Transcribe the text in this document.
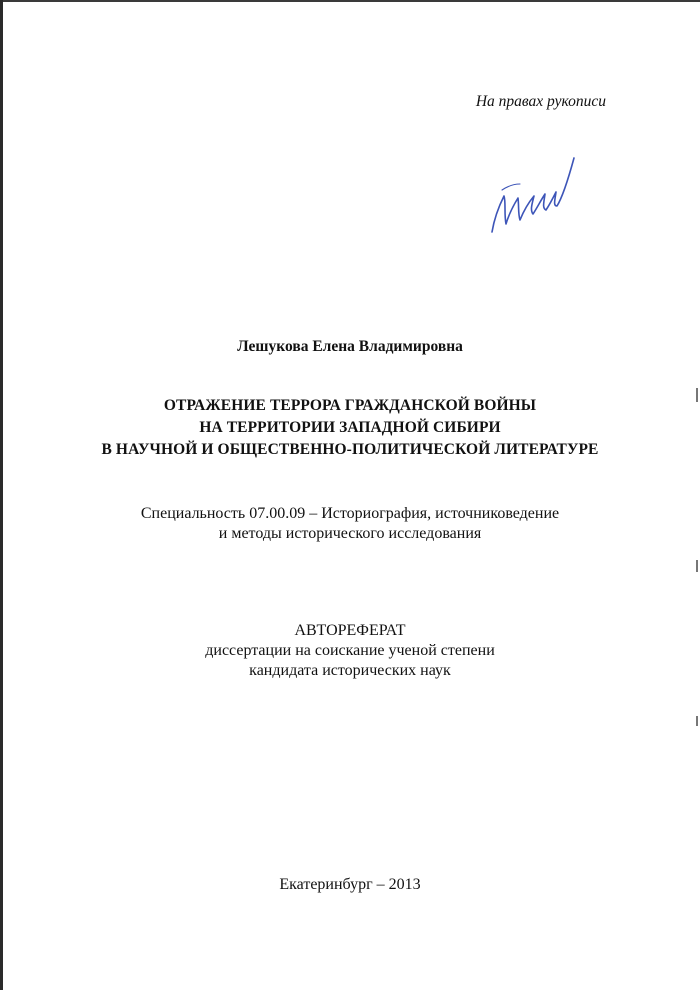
На правах рукописи
Лешукова Елена Владимировна
ОТРАЖЕНИЕ ТЕРРОРА ГРАЖДАНСКОЙ ВОЙНЫ
НА ТЕРРИТОРИИ ЗАПАДНОЙ СИБИРИ
В НАУЧНОЙ И ОБЩЕСТВЕННО-ПОЛИТИЧЕСКОЙ ЛИТЕРАТУРЕ
Специальность 07.00.09 – Историография, источниковедение
и методы исторического исследования
АВТОРЕФЕРАТ
диссертации на соискание ученой степени
кандидата исторических наук
Екатеринбург – 2013
